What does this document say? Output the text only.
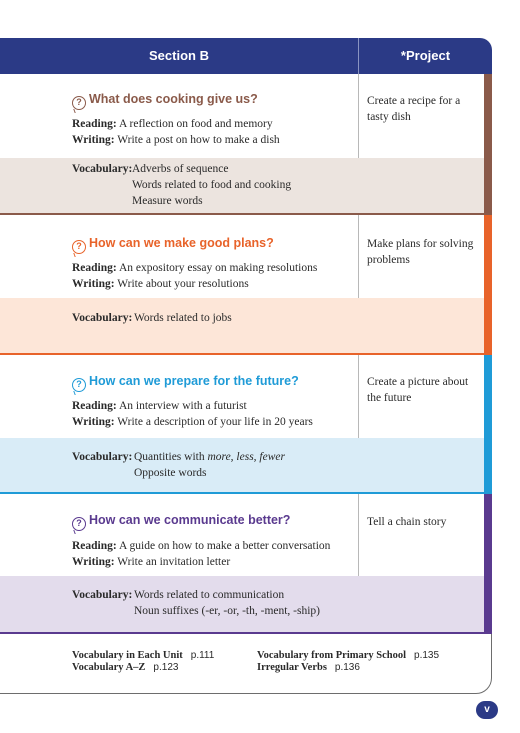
Section B	*Project
? What does cooking give us?
Reading: A reflection on food and memory
Writing: Write a post on how to make a dish
Create a recipe for a tasty dish
Vocabulary: Adverbs of sequence
Words related to food and cooking
Measure words
? How can we make good plans?
Reading: An expository essay on making resolutions
Writing: Write about your resolutions
Make plans for solving problems
Vocabulary: Words related to jobs
? How can we prepare for the future?
Reading: An interview with a futurist
Writing: Write a description of your life in 20 years
Create a picture about the future
Vocabulary: Quantities with more, less, fewer
Opposite words
? How can we communicate better?
Reading: A guide on how to make a better conversation
Writing: Write an invitation letter
Tell a chain story
Vocabulary: Words related to communication
Noun suffixes (-er, -or, -th, -ment, -ship)
Vocabulary in Each Unit p.111
Vocabulary A–Z p.123
Vocabulary from Primary School p.135
Irregular Verbs p.136
v
